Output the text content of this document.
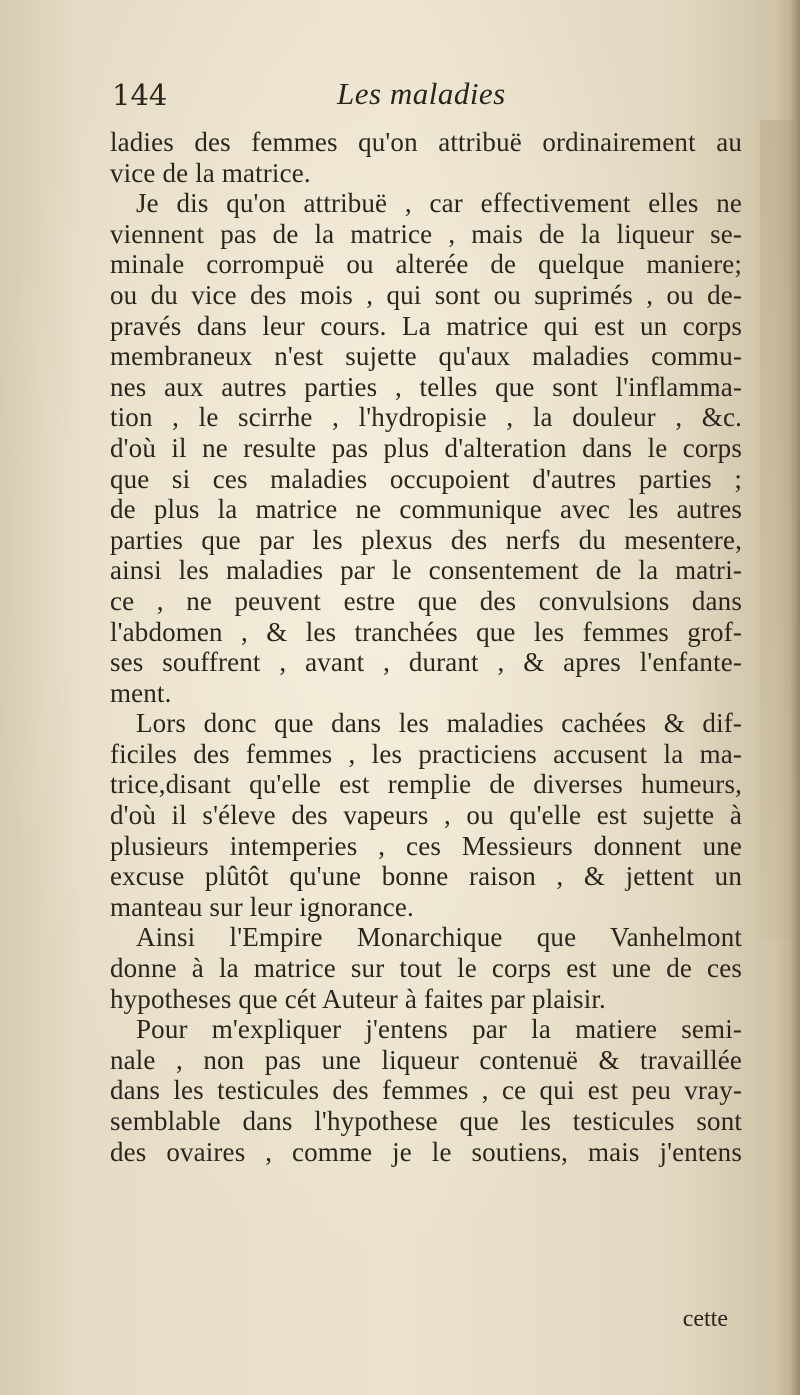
144	Les maladies
ladies des femmes qu'on attribuë ordinairement au
vice de la matrice.
Je dis qu'on attribuë , car effectivement elles ne
viennent pas de la matrice , mais de la liqueur se-
minale corrompuë ou alterée de quelque maniere;
ou du vice des mois , qui sont ou suprimés , ou de-
pravés dans leur cours. La matrice qui est un corps
membraneux n'est sujette qu'aux maladies commu-
nes aux autres parties , telles que sont l'inflamma-
tion , le scirrhe , l'hydropisie , la douleur , &c.
d'où il ne resulte pas plus d'alteration dans le corps
que si ces maladies occupoient d'autres parties ;
de plus la matrice ne communique avec les autres
parties que par les plexus des nerfs du mesentere,
ainsi les maladies par le consentement de la matri-
ce , ne peuvent estre que des convulsions dans
l'abdomen , & les tranchées que les femmes grof-
ses souffrent , avant , durant , & apres l'enfante-
ment.
Lors donc que dans les maladies cachées & dif-
ficiles des femmes , les practiciens accusent la ma-
trice,disant qu'elle est remplie de diverses humeurs,
d'où il s'éleve des vapeurs , ou qu'elle est sujette à
plusieurs intemperies , ces Messieurs donnent une
excuse plûtôt qu'une bonne raison , & jettent un
manteau sur leur ignorance.
Ainsi l'Empire Monarchique que Vanhelmont
donne à la matrice sur tout le corps est une de ces
hypotheses que cét Auteur à faites par plaisir.
Pour m'expliquer j'entens par la matiere semi-
nale , non pas une liqueur contenuë & travaillée
dans les testicules des femmes , ce qui est peu vray-
semblable dans l'hypothese que les testicules sont
des ovaires , comme je le soutiens, mais j'entens
cette
